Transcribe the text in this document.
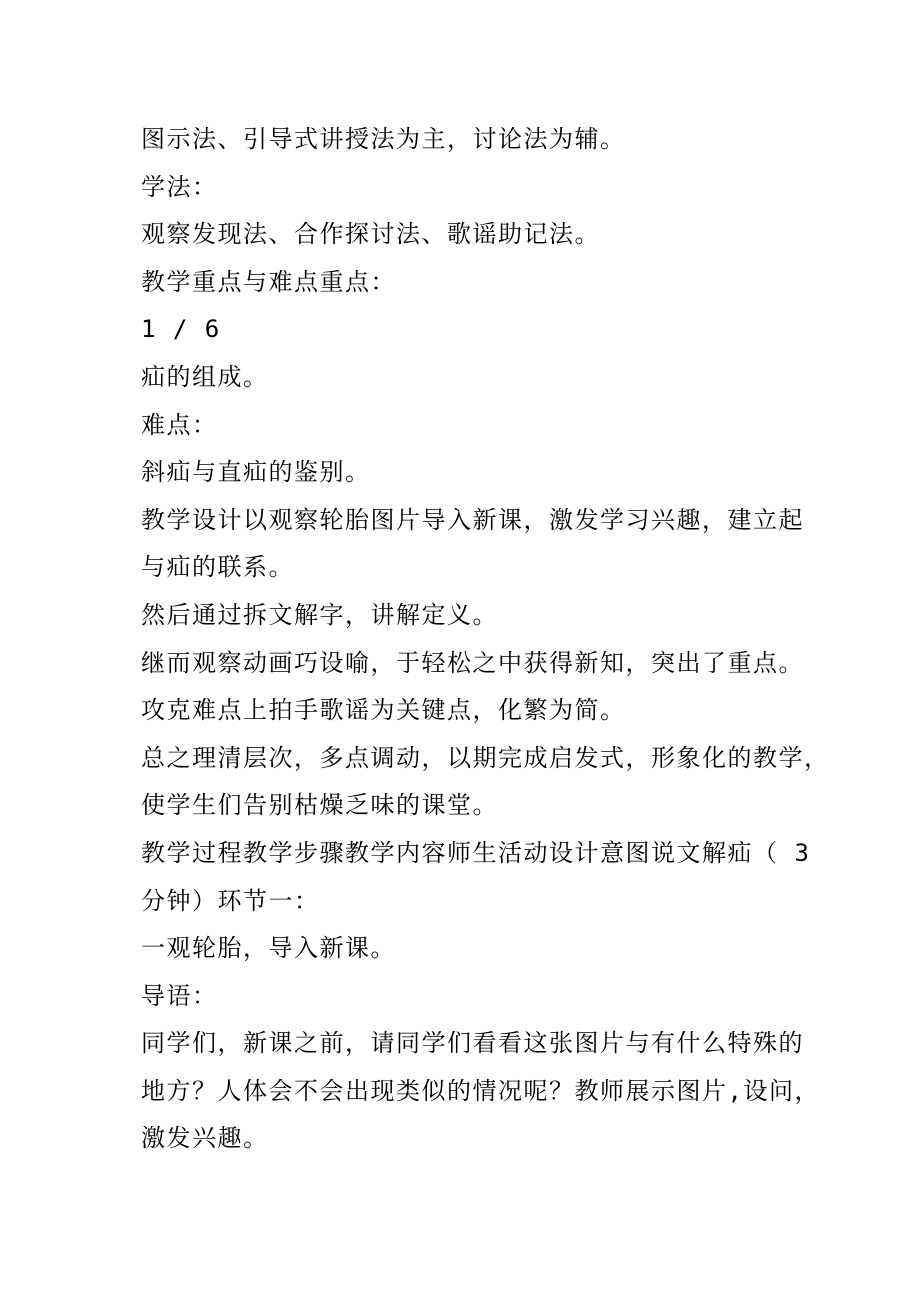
图示法、引导式讲授法为主，讨论法为辅。
学法：
观察发现法、合作探讨法、歌谣助记法。
教学重点与难点重点：
1 / 6
疝的组成。
难点：
斜疝与直疝的鉴别。
教学设计以观察轮胎图片导入新课，激发学习兴趣，建立起
与疝的联系。
然后通过拆文解字，讲解定义。
继而观察动画巧设喻，于轻松之中获得新知，突出了重点。
攻克难点上拍手歌谣为关键点，化繁为简。
总之理清层次，多点调动，以期完成启发式，形象化的教学，
使学生们告别枯燥乏味的课堂。
教学过程教学步骤教学内容师生活动设计意图说文解疝（ 3
分钟）环节一：
一观轮胎，导入新课。
导语：
同学们，新课之前，请同学们看看这张图片与有什么特殊的
地方？人体会不会出现类似的情况呢？教师展示图片,设问，
激发兴趣。
